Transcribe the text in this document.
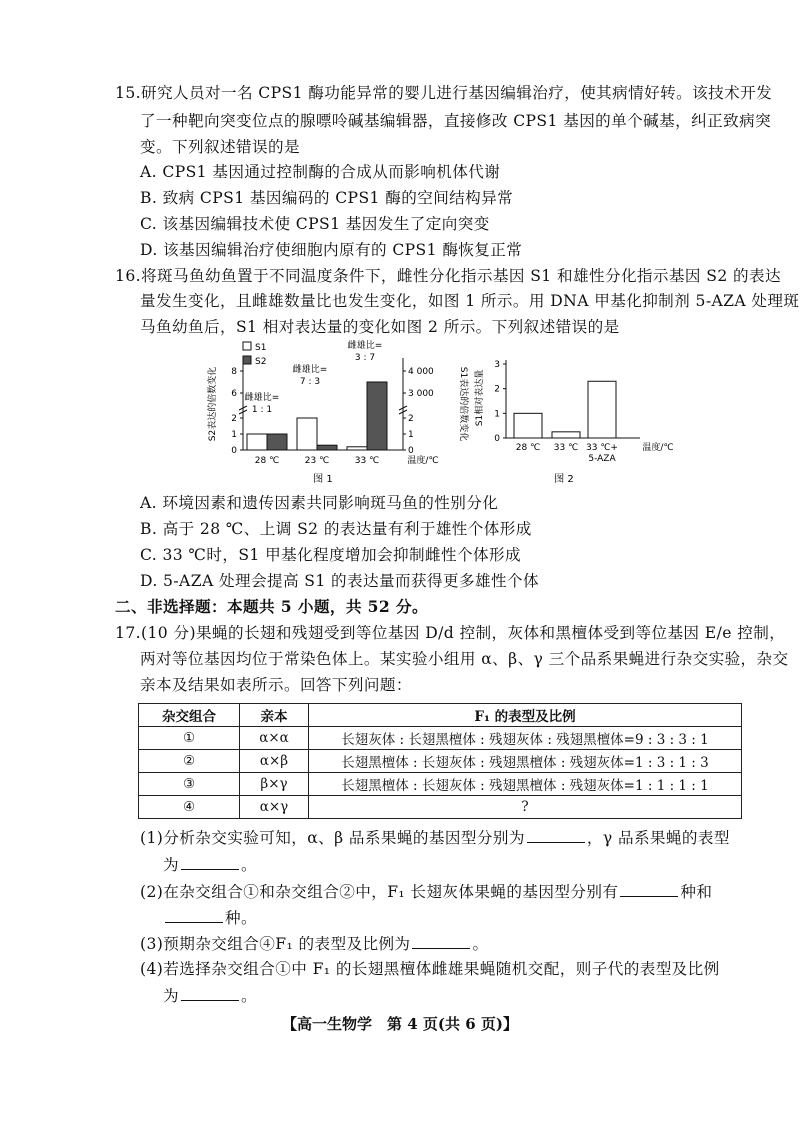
15.研究人员对一名 CPS1 酶功能异常的婴儿进行基因编辑治疗，使其病情好转。该技术开发
了一种靶向突变位点的腺嘌呤碱基编辑器，直接修改 CPS1 基因的单个碱基，纠正致病突
变。下列叙述错误的是
A. CPS1 基因通过控制酶的合成从而影响机体代谢
B. 致病 CPS1 基因编码的 CPS1 酶的空间结构异常
C. 该基因编辑技术使 CPS1 基因发生了定向突变
D. 该基因编辑治疗使细胞内原有的 CPS1 酶恢复正常
16.将斑马鱼幼鱼置于不同温度条件下，雌性分化指示基因 S1 和雄性分化指示基因 S2 的表达
量发生变化，且雌雄数量比也发生变化，如图 1 所示。用 DNA 甲基化抑制剂 5-AZA 处理斑
马鱼幼鱼后，S1 相对表达量的变化如图 2 所示。下列叙述错误的是
0
1
2
6
8
0
1
2
3 000
4 000
S2表达的倍数变化	S1表达的倍数变化
28 ℃	23 ℃	33 ℃	温度/℃
S1
S2
雌雄比=
1 : 1
雌雄比=
7 : 3
雌雄比=
3 : 7
图 1
0
1
2
3
S1相对表达量
28 ℃ 33 ℃ 33 ℃+
5-AZA
温度/℃
图 2
A. 环境因素和遗传因素共同影响斑马鱼的性别分化
B. 高于 28 ℃、上调 S2 的表达量有利于雄性个体形成
C. 33 ℃时，S1 甲基化程度增加会抑制雌性个体形成
D. 5-AZA 处理会提高 S1 的表达量而获得更多雄性个体
二、非选择题：本题共 5 小题，共 52 分。
17.(10 分)果蝇的长翅和残翅受到等位基因 D/d 控制，灰体和黑檀体受到等位基因 E/e 控制，
两对等位基因均位于常染色体上。某实验小组用 α、β、γ 三个品系果蝇进行杂交实验，杂交
亲本及结果如表所示。回答下列问题：
杂交组合	亲本	F₁ 的表型及比例
①	α×α	长翅灰体 : 长翅黑檀体 : 残翅灰体 : 残翅黑檀体=9 : 3 : 3 : 1
②	α×β	长翅黑檀体 : 长翅灰体 : 残翅黑檀体 : 残翅灰体=1 : 3 : 1 : 3
③	β×γ	长翅黑檀体 : 长翅灰体 : 残翅黑檀体 : 残翅灰体=1 : 1 : 1 : 1
④	α×γ	?
(1)分析杂交实验可知，α、β 品系果蝇的基因型分别为	，γ 品系果蝇的表型
为	。
(2)在杂交组合①和杂交组合②中，F₁ 长翅灰体果蝇的基因型分别有	种和
种。
(3)预期杂交组合④F₁ 的表型及比例为	。
(4)若选择杂交组合①中 F₁ 的长翅黑檀体雌雄果蝇随机交配，则子代的表型及比例
为	。
【高一生物学　第 4 页(共 6 页)】
